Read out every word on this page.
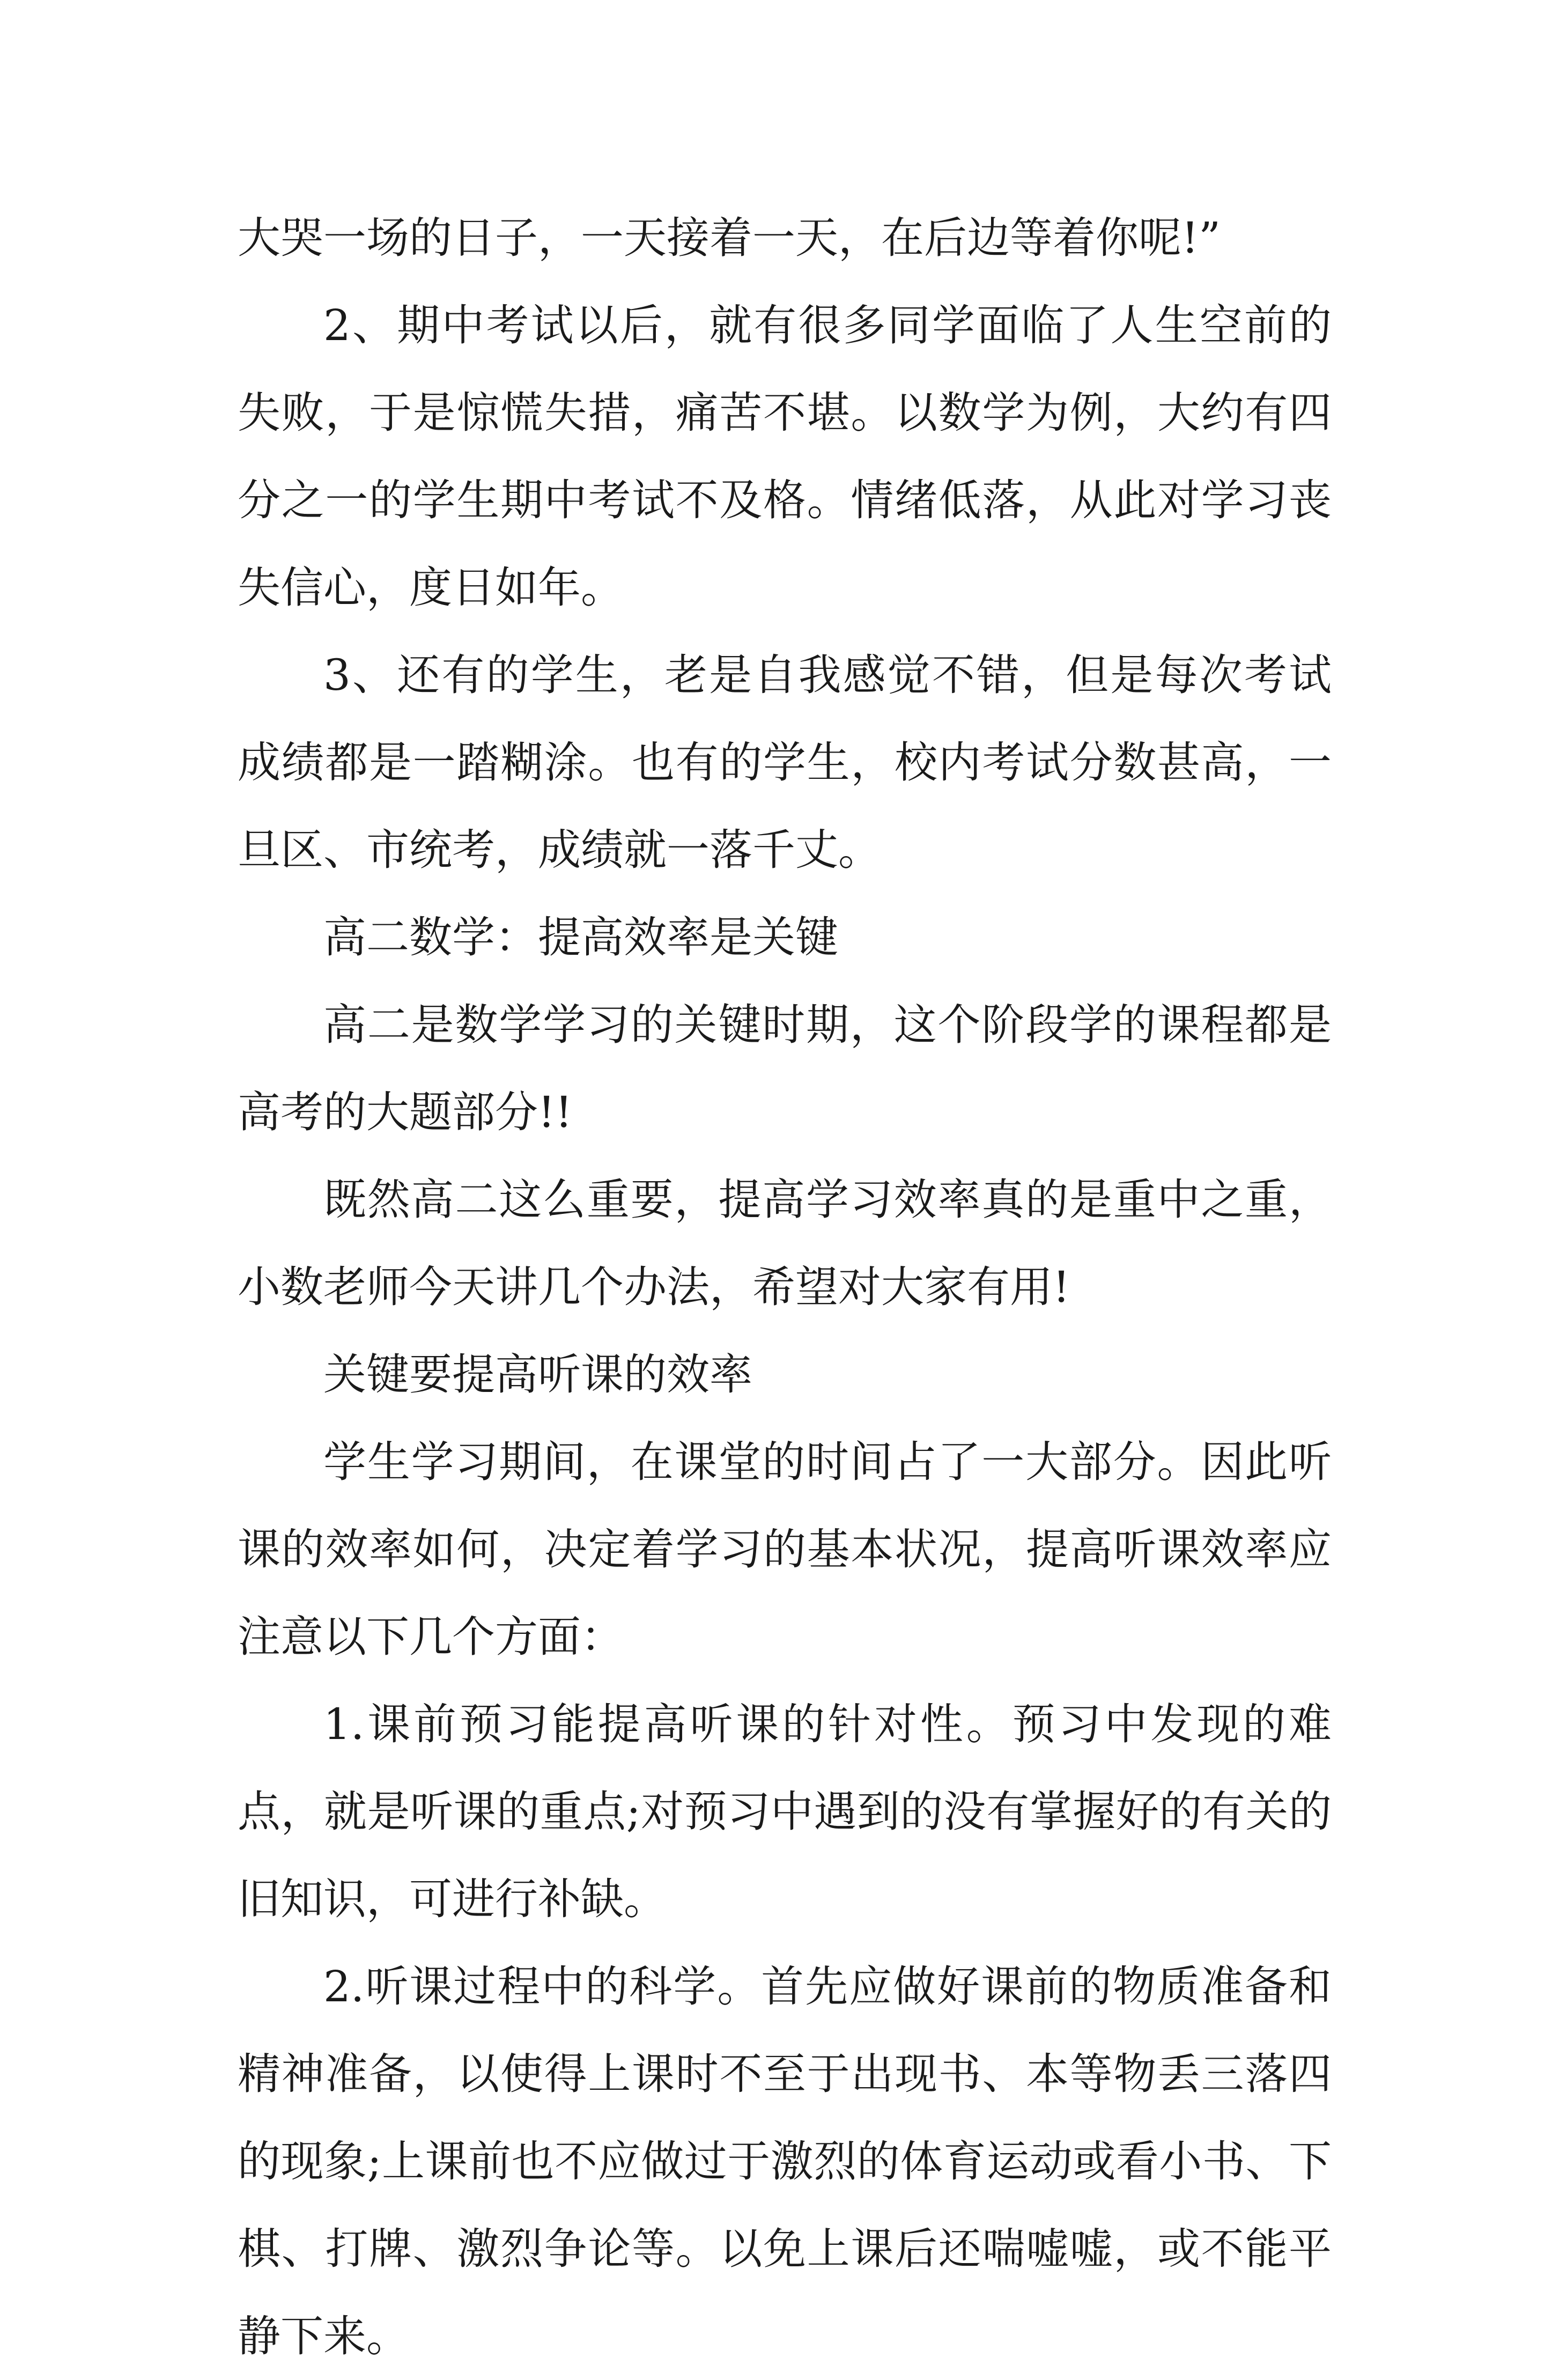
大哭一场的日子，一天接着一天，在后边等着你呢!”

2、期中考试以后，就有很多同学面临了人生空前的失败，于是惊慌失措，痛苦不堪。以数学为例，大约有四分之一的学生期中考试不及格。情绪低落，从此对学习丧失信心，度日如年。

3、还有的学生，老是自我感觉不错，但是每次考试成绩都是一踏糊涂。也有的学生，校内考试分数甚高，一旦区、市统考，成绩就一落千丈。

高二数学：提高效率是关键

高二是数学学习的关键时期，这个阶段学的课程都是高考的大题部分!!

既然高二这么重要，提高学习效率真的是重中之重，小数老师今天讲几个办法，希望对大家有用!

关键要提高听课的效率

学生学习期间，在课堂的时间占了一大部分。因此听课的效率如何，决定着学习的基本状况，提高听课效率应注意以下几个方面：

1.课前预习能提高听课的针对性。预习中发现的难点，就是听课的重点;对预习中遇到的没有掌握好的有关的旧知识，可进行补缺。

2.听课过程中的科学。首先应做好课前的物质准备和精神准备，以使得上课时不至于出现书、本等物丢三落四的现象;上课前也不应做过于激烈的体育运动或看小书、下棋、打牌、激烈争论等。以免上课后还喘嘘嘘，或不能平静下来。
